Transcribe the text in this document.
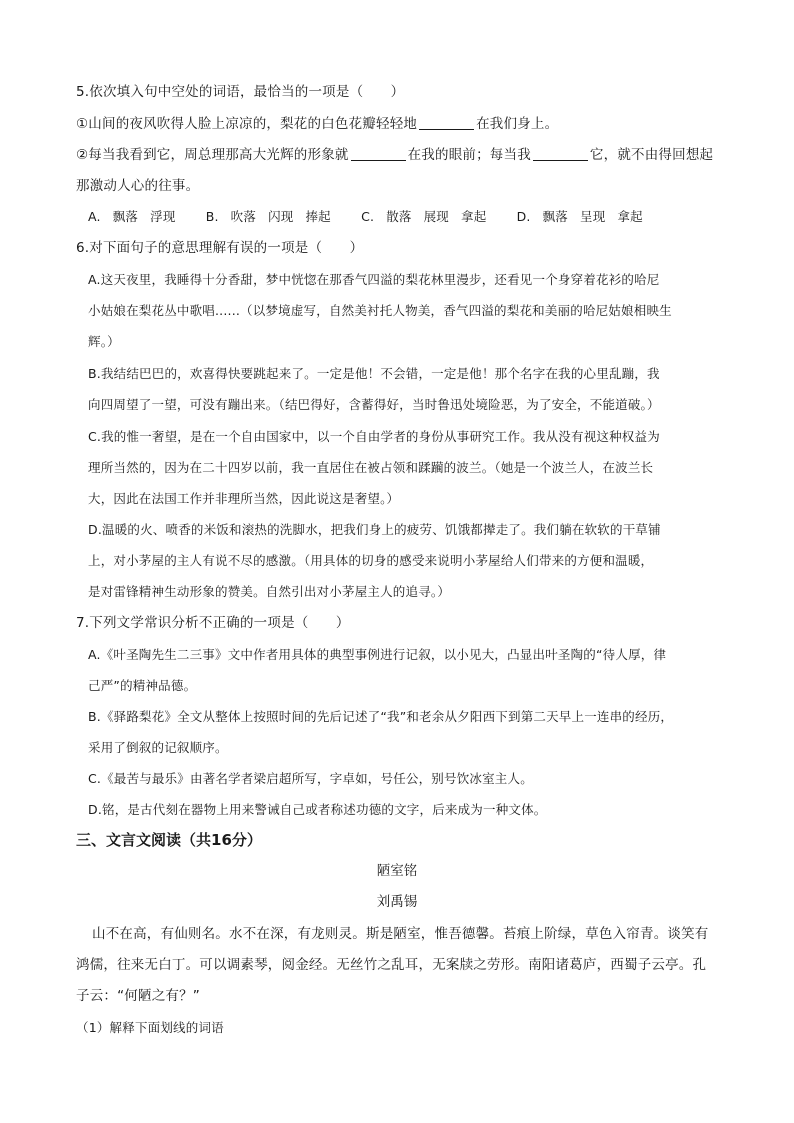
5.依次填入句中空处的词语，最恰当的一项是（　　）
①山间的夜风吹得人脸上凉凉的，梨花的白色花瓣轻轻地	在我们身上。
②每当我看到它，周总理那高大光辉的形象就	在我的眼前；每当我	它，就不由得回想起
那激动人心的往事。
A. 飘落 浮现 B. 吹落 闪现 捧起 C. 散落 展现 拿起 D. 飘落 呈现 拿起
6.对下面句子的意思理解有误的一项是（　　）
A.这天夜里，我睡得十分香甜，梦中恍惚在那香气四溢的梨花林里漫步，还看见一个身穿着花衫的哈尼
小姑娘在梨花丛中歌唱......（以梦境虚写，自然美衬托人物美，香气四溢的梨花和美丽的哈尼姑娘相映生
辉。）
B.我结结巴巴的，欢喜得快要跳起来了。一定是他！不会错，一定是他！那个名字在我的心里乱蹦，我
向四周望了一望，可没有蹦出来。（结巴得好，含蓄得好，当时鲁迅处境险恶，为了安全，不能道破。）
C.我的惟一奢望，是在一个自由国家中，以一个自由学者的身份从事研究工作。我从没有视这种权益为
理所当然的，因为在二十四岁以前，我一直居住在被占领和蹂躏的波兰。（她是一个波兰人，在波兰长
大，因此在法国工作并非理所当然，因此说这是奢望。）
D.温暖的火、喷香的米饭和滚热的洗脚水，把我们身上的疲劳、饥饿都撵走了。我们躺在软软的干草铺
上，对小茅屋的主人有说不尽的感激。（用具体的切身的感受来说明小茅屋给人们带来的方便和温暖，
是对雷锋精神生动形象的赞美。自然引出对小茅屋主人的追寻。）
7.下列文学常识分析不正确的一项是（　　）
A.《叶圣陶先生二三事》文中作者用具体的典型事例进行记叙，以小见大，凸显出叶圣陶的“待人厚，律
己严”的精神品德。
B.《驿路梨花》全文从整体上按照时间的先后记述了“我”和老余从夕阳西下到第二天早上一连串的经历，
采用了倒叙的记叙顺序。
C.《最苦与最乐》由著名学者梁启超所写，字卓如，号任公，别号饮冰室主人。
D.铭，是古代刻在器物上用来警诫自己或者称述功德的文字，后来成为一种文体。
三、文言文阅读（共16分）
陋室铭
刘禹锡
山不在高，有仙则名。水不在深，有龙则灵。斯是陋室，惟吾德馨。苔痕上阶绿，草色入帘青。谈笑有
鸿儒，往来无白丁。可以调素琴，阅金经。无丝竹之乱耳，无案牍之劳形。南阳诸葛庐，西蜀子云亭。孔
子云：“何陋之有？”
（1）解释下面划线的词语
